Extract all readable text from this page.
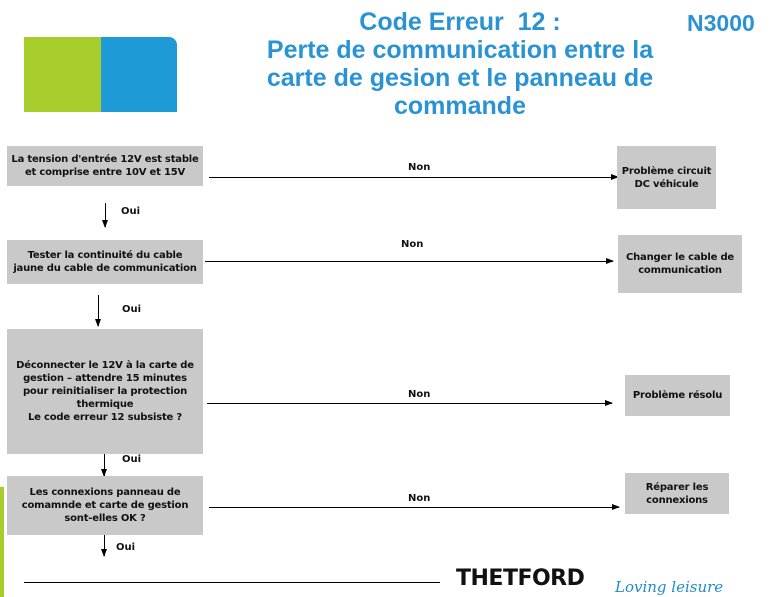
Code Erreur  12 :
Perte de communication entre la
carte de gesion et le panneau de
commande
N3000
La tension d'entrée 12V est stable et comprise entre 10V et 15V	Non	Problème circuit DC véhicule
Oui
Tester la continuité du cable jaune du cable de communication
Non
Changer le cable de communication
Oui
Déconnecter le 12V à la carte de gestion – attendre 15 minutes pour reinitialiser la protection thermique
Le code erreur 12 subsiste ?
Non	Problème résolu
Oui
Les connexions panneau de comamnde et carte de gestion sont-elles OK ?
Non
Réparer les connexions
Oui
THETFORD Loving leisure
